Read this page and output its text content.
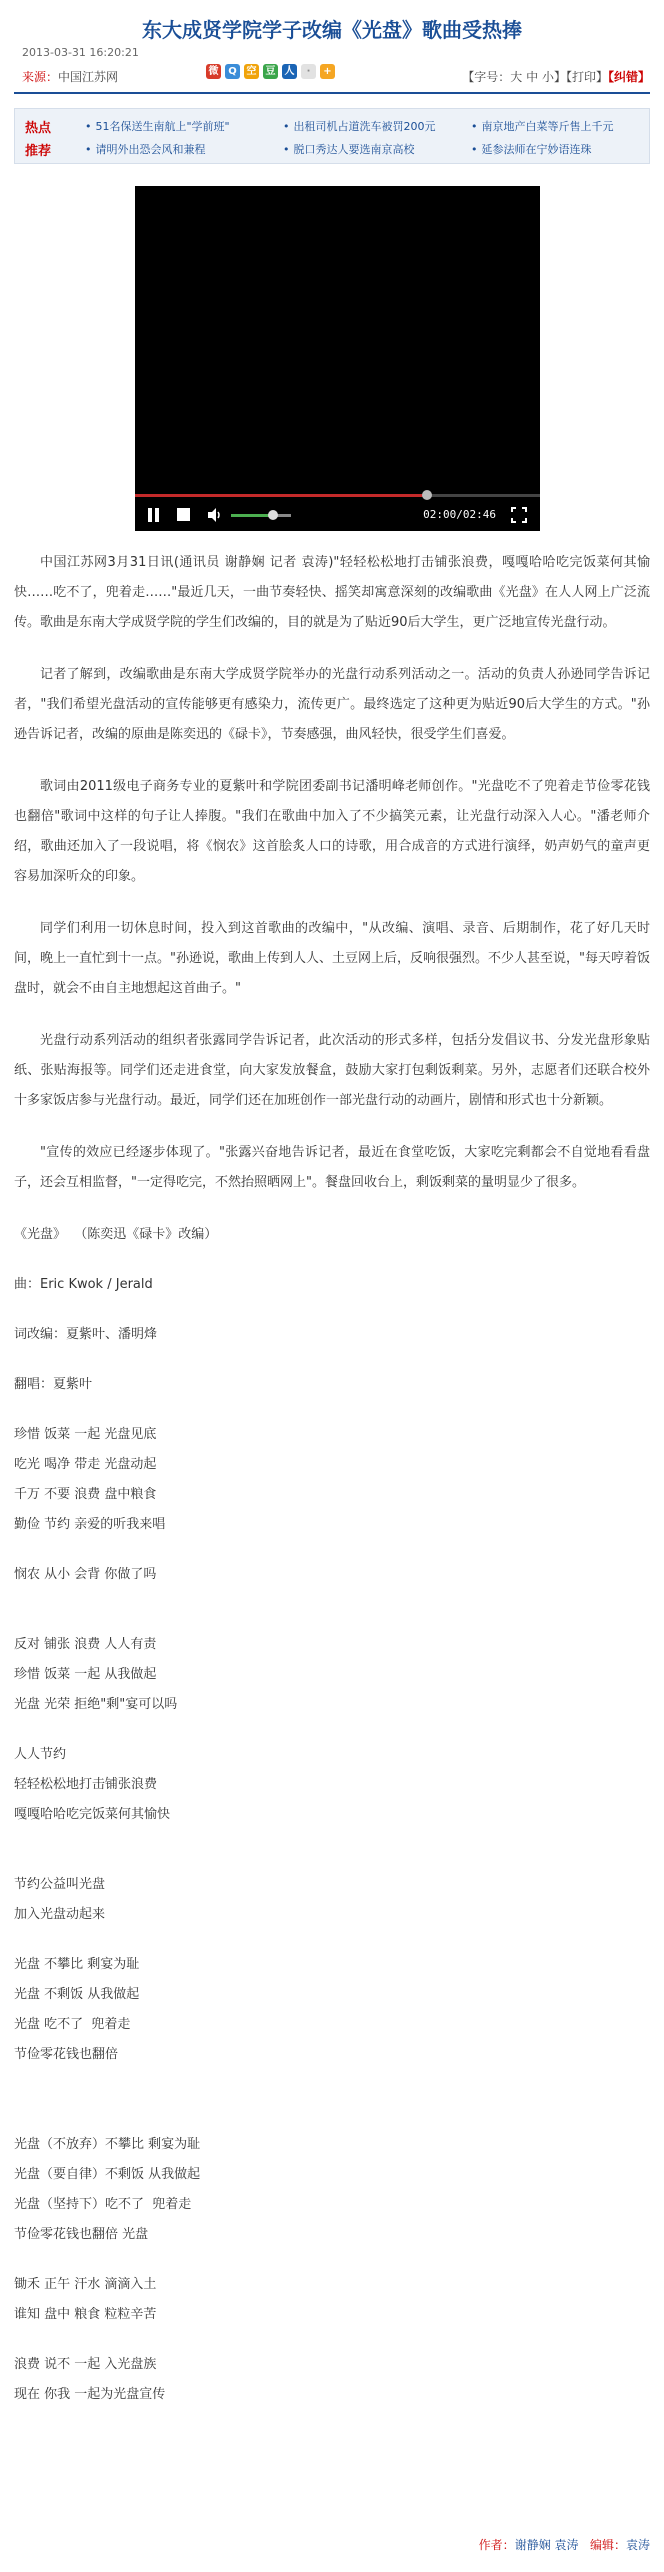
东大成贤学院学子改编《光盘》歌曲受热捧
2013-03-31 16:20:21
来源：中国江苏网	微 Q 空 豆 人	·	+	【字号：大 中 小】【打印】【纠错】
热点	• 51名保送生南航上"学前班"	• 出租司机占道洗车被罚200元	• 南京地产白菜等斤售上千元
推荐	• 请明外出恐会风和兼程	• 脱口秀达人要选南京高校	• 延参法师在宁妙语连珠
02:00/02:46

中国江苏网3月31日讯(通讯员 谢静娴 记者 袁涛)"轻轻松松地打击铺张浪费，嘎嘎哈哈吃完饭菜何其愉快……吃不了，兜着走……"最近几天，一曲节奏轻快、摇笑却寓意深刻的改编歌曲《光盘》在人人网上广泛流传。歌曲是东南大学成贤学院的学生们改编的，目的就是为了贴近90后大学生，更广泛地宣传光盘行动。

记者了解到，改编歌曲是东南大学成贤学院举办的光盘行动系列活动之一。活动的负责人孙逊同学告诉记者，"我们希望光盘活动的宣传能够更有感染力，流传更广。最终选定了这种更为贴近90后大学生的方式。"孙逊告诉记者，改编的原曲是陈奕迅的《碌卡》，节奏感强，曲风轻快，很受学生们喜爱。

歌词由2011级电子商务专业的夏紫叶和学院团委副书记潘明峰老师创作。"光盘吃不了兜着走节俭零花钱也翻倍"歌词中这样的句子让人捧腹。"我们在歌曲中加入了不少搞笑元素，让光盘行动深入人心。"潘老师介绍，歌曲还加入了一段说唱，将《悯农》这首脍炙人口的诗歌，用合成音的方式进行演绎，奶声奶气的童声更容易加深听众的印象。

同学们利用一切休息时间，投入到这首歌曲的改编中，"从改编、演唱、录音、后期制作，花了好几天时间，晚上一直忙到十一点。"孙逊说，歌曲上传到人人、土豆网上后，反响很强烈。不少人甚至说，"每天哼着饭盘时，就会不由自主地想起这首曲子。"

光盘行动系列活动的组织者张露同学告诉记者，此次活动的形式多样，包括分发倡议书、分发光盘形象贴纸、张贴海报等。同学们还走进食堂，向大家发放餐盒，鼓励大家打包剩饭剩菜。另外，志愿者们还联合校外十多家饭店参与光盘行动。最近，同学们还在加班创作一部光盘行动的动画片，剧情和形式也十分新颖。

"宣传的效应已经逐步体现了。"张露兴奋地告诉记者，最近在食堂吃饭，大家吃完剩都会不自觉地看看盘子，还会互相监督，"一定得吃完，不然抬照晒网上"。餐盘回收台上，剩饭剩菜的量明显少了很多。

《光盘》  （陈奕迅《碌卡》改编）
曲：Eric Kwok / Jerald
词改编：夏紫叶、潘明烽
翻唱：夏紫叶
珍惜 饭菜 一起 光盘见底
吃光 喝净 带走 光盘动起
千万 不要 浪费 盘中粮食
勤俭 节约 亲爱的听我来唱
悯农 从小 会背 你做了吗
反对 铺张 浪费 人人有责
珍惜 饭菜 一起 从我做起
光盘 光荣 拒绝"剩"宴可以吗
人人节约
轻轻松松地打击铺张浪费
嘎嘎哈哈吃完饭菜何其愉快
节约公益叫光盘
加入光盘动起来
光盘 不攀比 剩宴为耻
光盘 不剩饭 从我做起
光盘 吃不了  兜着走
节俭零花钱也翻倍
光盘（不放弃）不攀比 剩宴为耻
光盘（要自律）不剩饭 从我做起
光盘（坚持下）吃不了  兜着走
节俭零花钱也翻倍 光盘
锄禾 正午 汗水 滴滴入土
谁知 盘中 粮食 粒粒辛苦
浪费 说不 一起 入光盘族
现在 你我 一起为光盘宣传
作者：谢静娴 袁涛 编辑：袁涛
